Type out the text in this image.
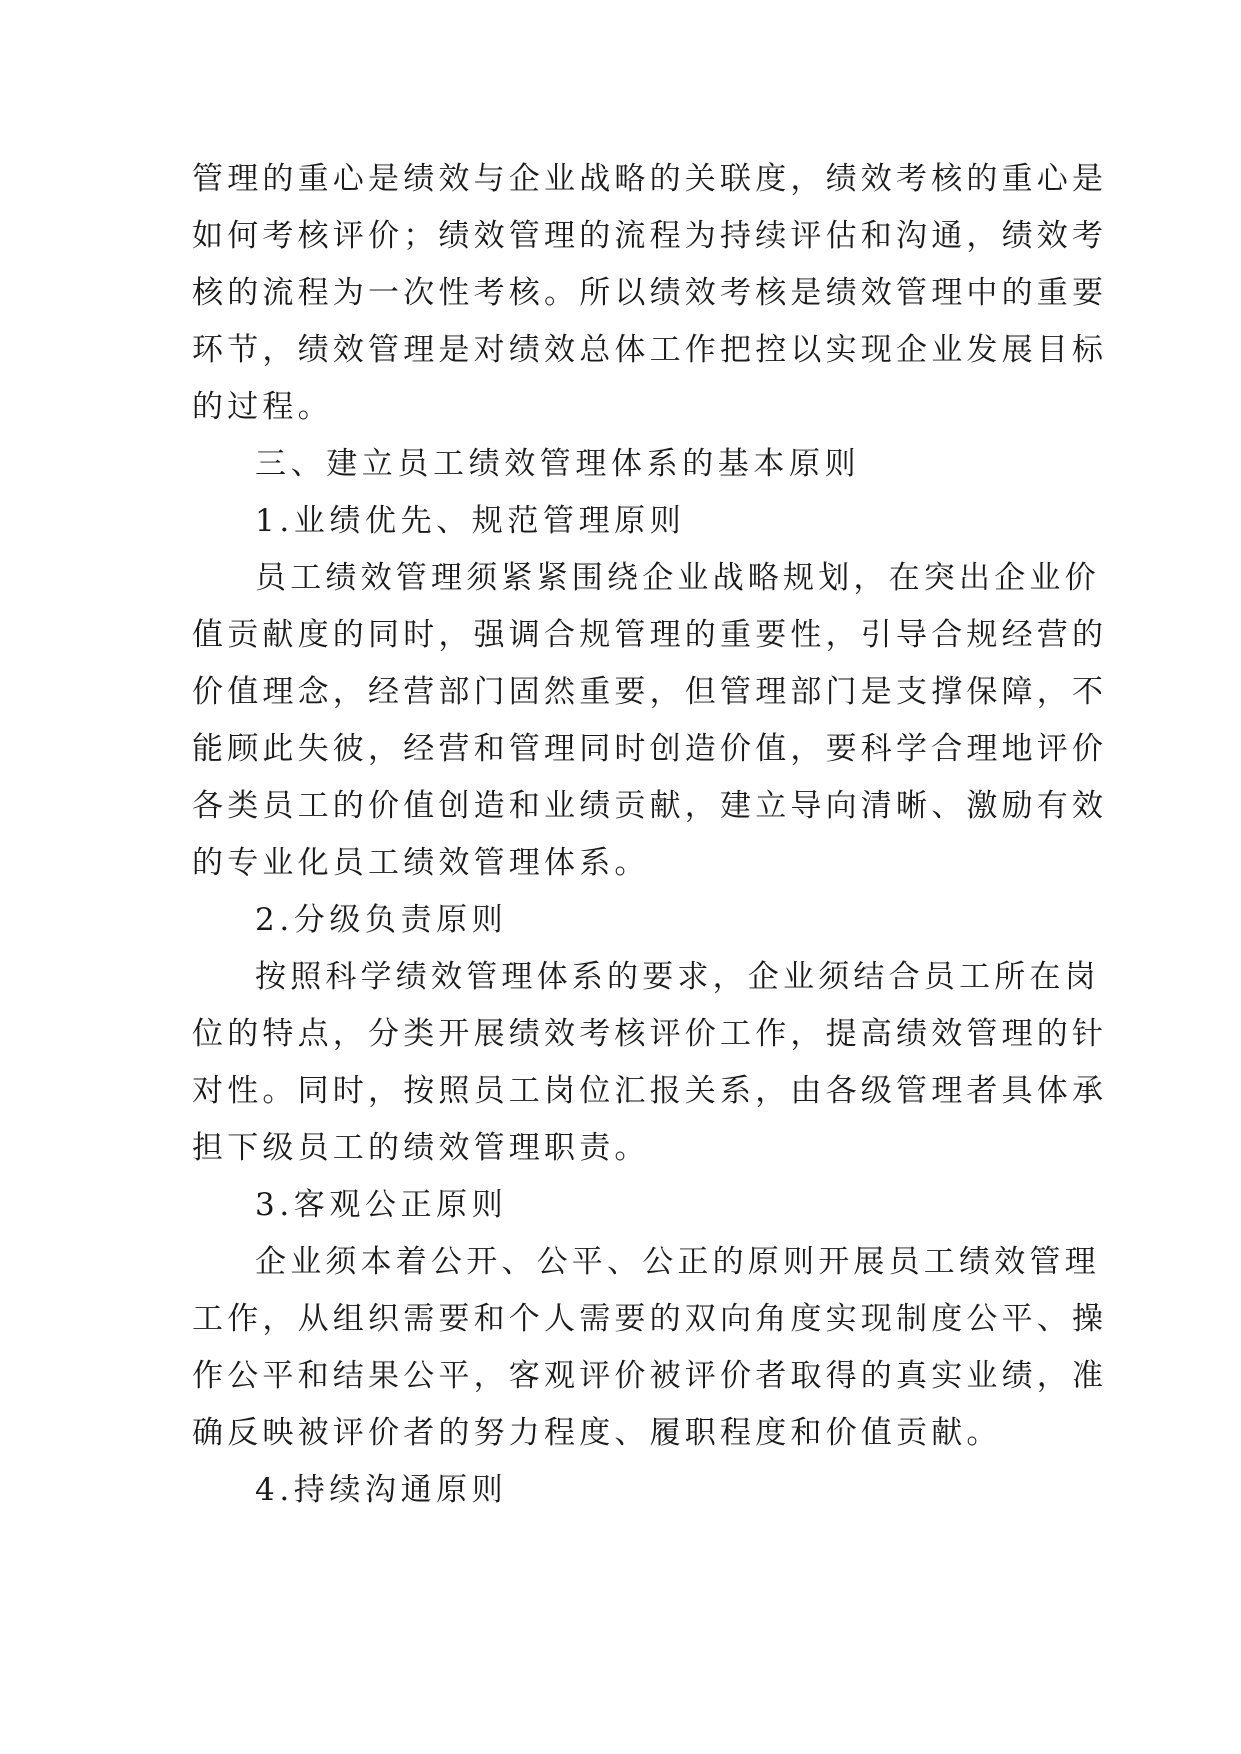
管理的重心是绩效与企业战略的关联度，绩效考核的重心是
如何考核评价；绩效管理的流程为持续评估和沟通，绩效考
核的流程为一次性考核。所以绩效考核是绩效管理中的重要
环节，绩效管理是对绩效总体工作把控以实现企业发展目标
的过程。
三、建立员工绩效管理体系的基本原则
1.业绩优先、规范管理原则
员工绩效管理须紧紧围绕企业战略规划，在突出企业价
值贡献度的同时，强调合规管理的重要性，引导合规经营的
价值理念，经营部门固然重要，但管理部门是支撑保障，不
能顾此失彼，经营和管理同时创造价值，要科学合理地评价
各类员工的价值创造和业绩贡献，建立导向清晰、激励有效
的专业化员工绩效管理体系。
2.分级负责原则
按照科学绩效管理体系的要求，企业须结合员工所在岗
位的特点，分类开展绩效考核评价工作，提高绩效管理的针
对性。同时，按照员工岗位汇报关系，由各级管理者具体承
担下级员工的绩效管理职责。
3.客观公正原则
企业须本着公开、公平、公正的原则开展员工绩效管理
工作，从组织需要和个人需要的双向角度实现制度公平、操
作公平和结果公平，客观评价被评价者取得的真实业绩，准
确反映被评价者的努力程度、履职程度和价值贡献。
4.持续沟通原则
